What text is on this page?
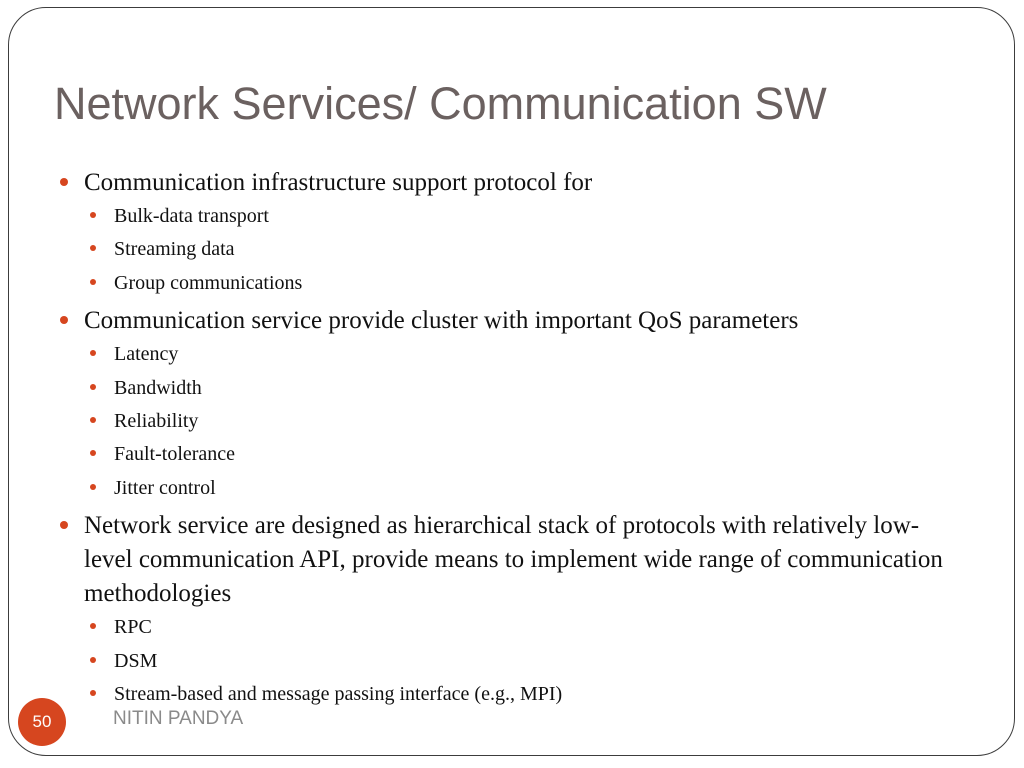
Network Services/ Communication SW
Communication infrastructure support protocol for
Bulk-data transport
Streaming data
Group communications
Communication service provide cluster with important QoS parameters
Latency
Bandwidth
Reliability
Fault-tolerance
Jitter control
Network service are designed as hierarchical stack of protocols with relatively low-level communication API, provide means to implement wide range of communication methodologies
RPC
DSM
Stream-based and message passing interface (e.g., MPI)
50	NITIN PANDYA
